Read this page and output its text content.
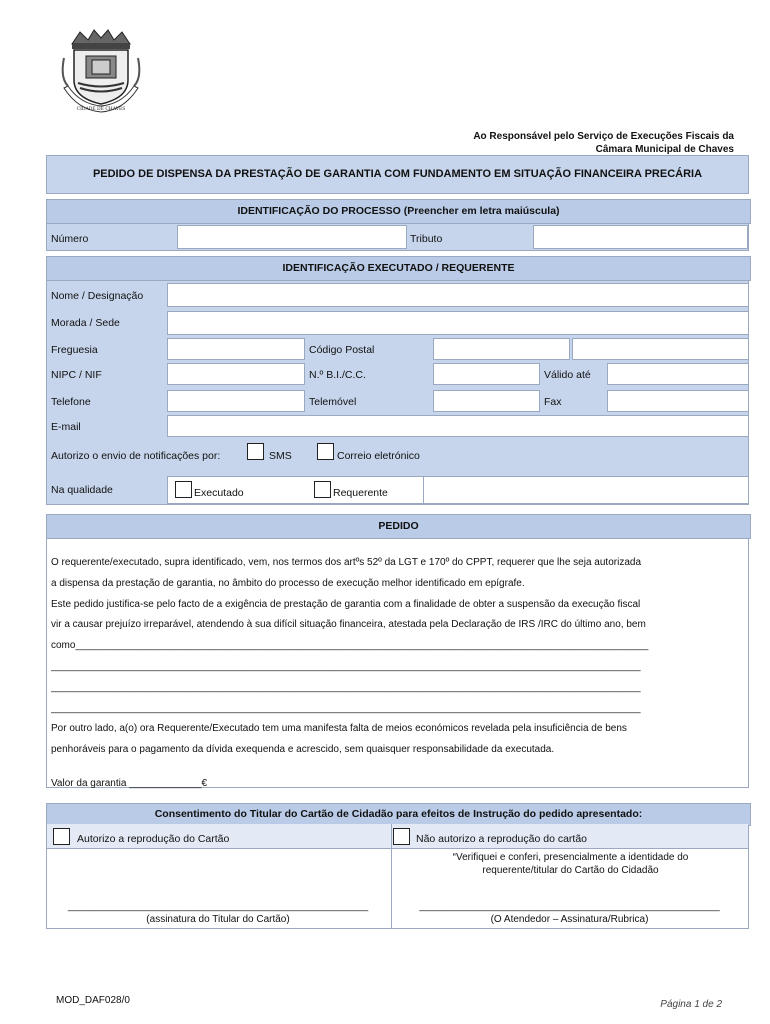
CIDADE DE CHAVES
Ao Responsável pelo Serviço de Execuções Fiscais da
Câmara Municipal de Chaves
PEDIDO DE DISPENSA DA PRESTAÇÃO DE GARANTIA COM FUNDAMENTO EM SITUAÇÃO FINANCEIRA PRECÁRIA
IDENTIFICAÇÃO DO PROCESSO (Preencher em letra maiúscula)
Número	Tributo
IDENTIFICAÇÃO EXECUTADO / REQUERENTE
Nome / Designação
Morada / Sede
Freguesia	Código Postal
NIPC / NIF	N.º B.I./C.C.	Válido até
Telefone	Telemóvel	Fax
E-mail
Autorizo o envio de notificações por:	SMS	Correio eletrónico
Na qualidade	Executado	Requerente
PEDIDO

O requerente/executado, supra identificado, vem, nos termos dos artºs 52º da LGT e 170º do CPPT, requerer que lhe seja autorizada

a dispensa da prestação de garantia, no âmbito do processo de execução melhor identificado em epígrafe.

Este pedido justifica-se pelo facto de a exigência de prestação de garantia com a finalidade de obter a suspensão da execução fiscal

vir a causar prejuízo irreparável, atendendo à sua difícil situação financeira, atestada pela Declaração de IRS /IRC do último ano, bem

como_______________________________________________________________________________________________________

__________________________________________________________________________________________________________

__________________________________________________________________________________________________________

__________________________________________________________________________________________________________

Por outro lado, a(o) ora Requerente/Executado tem uma manifesta falta de meios económicos revelada pela insuficiência de bens

penhoráveis para o pagamento da dívida exequenda e acrescido, sem quaisquer responsabilidade da executada.

Valor da garantia _____________€

Consentimento do Titular do Cartão de Cidadão para efeitos de Instrução do pedido apresentado:
Autorizo a reprodução do Cartão	Não autorizo a reprodução do cartão
“Verifiquei e conferi, presencialmente a identidade do
requerente/titular do Cartão do Cidadão
______________________________________________________
(assinatura do Titular do Cartão)
______________________________________________________
(O Atendedor – Assinatura/Rubrica)
MOD_DAF028/0	Página 1 de 2
